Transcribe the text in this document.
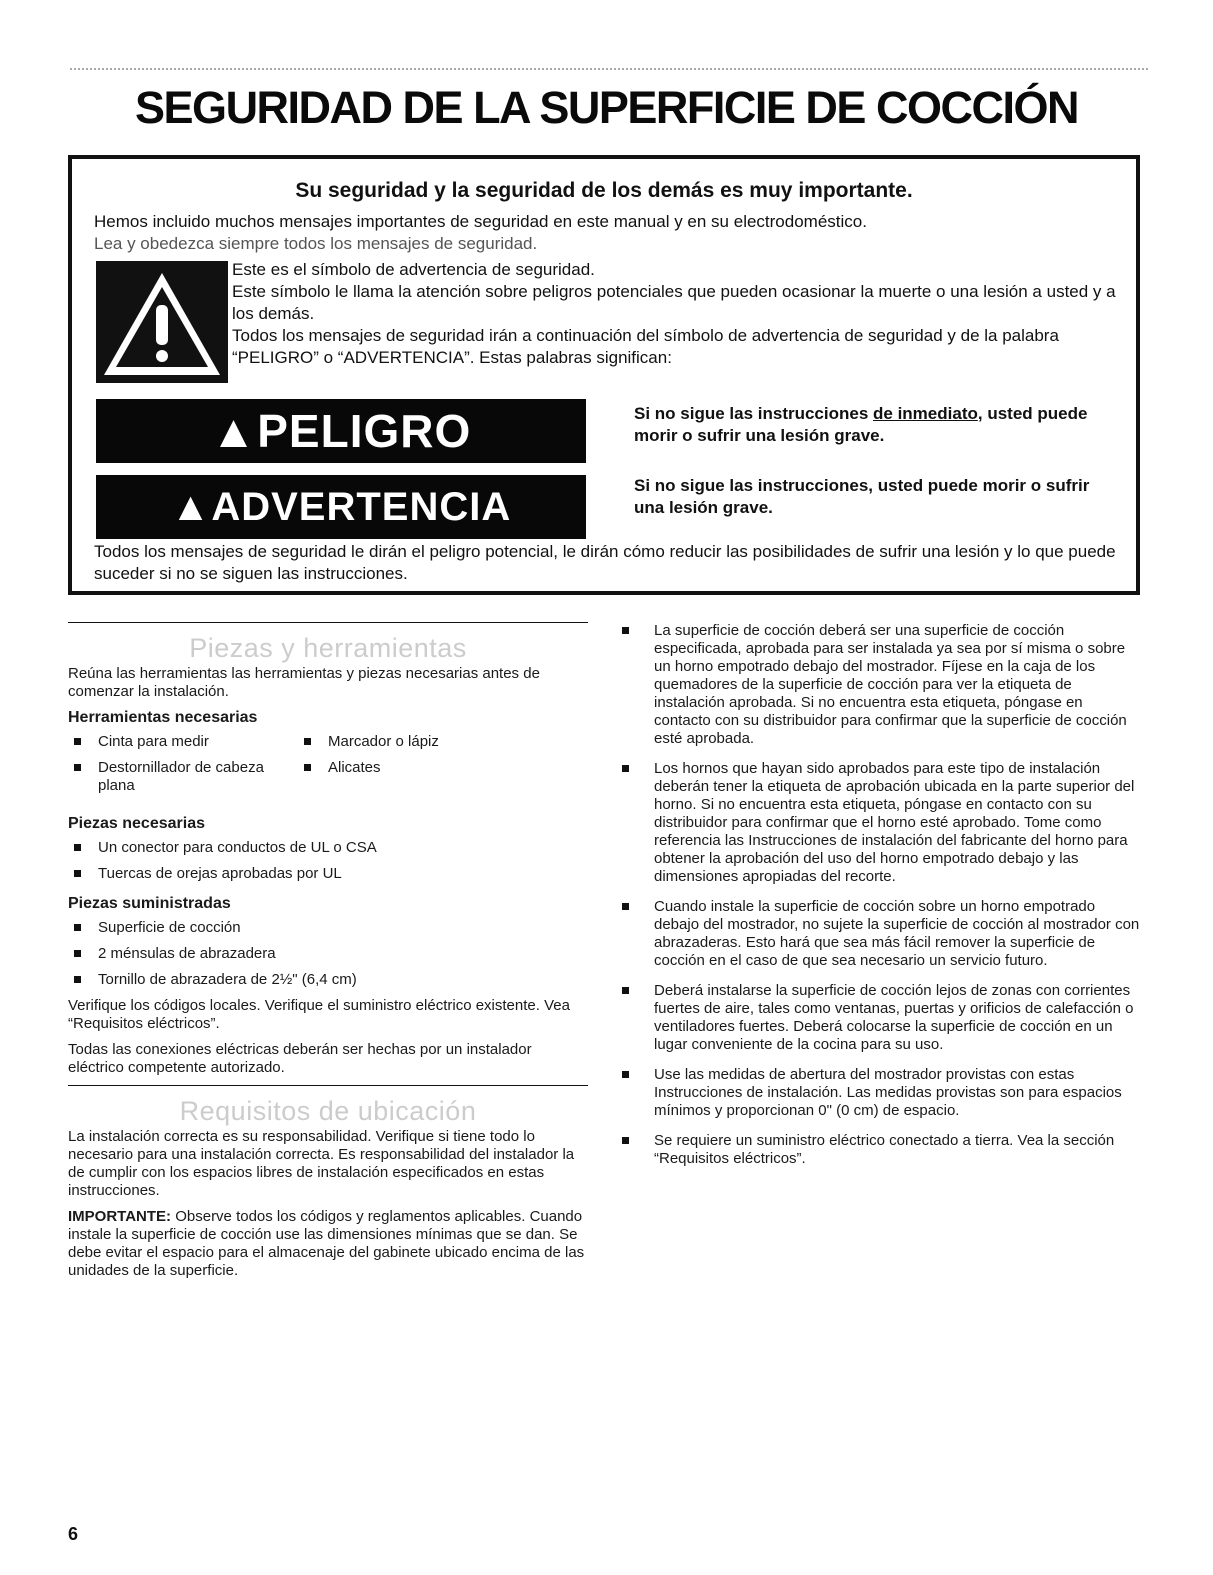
SEGURIDAD DE LA SUPERFICIE DE COCCIÓN
Su seguridad y la seguridad de los demás es muy importante.

Hemos incluido muchos mensajes importantes de seguridad en este manual y en su electrodoméstico.

Lea y obedezca siempre todos los mensajes de seguridad.

Este es el símbolo de advertencia de seguridad.

Este símbolo le llama la atención sobre peligros potenciales que pueden ocasionar la muerte o una lesión a usted y a los demás.

Todos los mensajes de seguridad irán a continuación del símbolo de advertencia de seguridad y de la palabra “PELIGRO” o “ADVERTENCIA”. Estas palabras significan:

▲PELIGRO	Si no sigue las instrucciones de inmediato, usted puede morir o sufrir una lesión grave.
▲ADVERTENCIA	Si no sigue las instrucciones, usted puede morir o sufrir una lesión grave.
Todos los mensajes de seguridad le dirán el peligro potencial, le dirán cómo reducir las posibilidades de sufrir una lesión y lo que puede suceder si no se siguen las instrucciones.
Piezas y herramientas

Reúna las herramientas las herramientas y piezas necesarias antes de comenzar la instalación.

Herramientas necesarias
Cinta para medir
Destornillador de cabeza plana
Marcador o lápiz
Alicates
Piezas necesarias
Un conector para conductos de UL o CSA
Tuercas de orejas aprobadas por UL
Piezas suministradas
Superficie de cocción
2 ménsulas de abrazadera
Tornillo de abrazadera de 2½" (6,4 cm)

Verifique los códigos locales. Verifique el suministro eléctrico existente. Vea “Requisitos eléctricos”.

Todas las conexiones eléctricas deberán ser hechas por un instalador eléctrico competente autorizado.

Requisitos de ubicación

La instalación correcta es su responsabilidad. Verifique si tiene todo lo necesario para una instalación correcta. Es responsabilidad del instalador la de cumplir con los espacios libres de instalación especificados en estas instrucciones.

IMPORTANTE: Observe todos los códigos y reglamentos aplicables. Cuando instale la superficie de cocción use las dimensiones mínimas que se dan. Se debe evitar el espacio para el almacenaje del gabinete ubicado encima de las unidades de la superficie.

La superficie de cocción deberá ser una superficie de cocción especificada, aprobada para ser instalada ya sea por sí misma o sobre un horno empotrado debajo del mostrador. Fíjese en la caja de los quemadores de la superficie de cocción para ver la etiqueta de instalación aprobada. Si no encuentra esta etiqueta, póngase en contacto con su distribuidor para confirmar que la superficie de cocción esté aprobada.
Los hornos que hayan sido aprobados para este tipo de instalación deberán tener la etiqueta de aprobación ubicada en la parte superior del horno. Si no encuentra esta etiqueta, póngase en contacto con su distribuidor para confirmar que el horno esté aprobado. Tome como referencia las Instrucciones de instalación del fabricante del horno para obtener la aprobación del uso del horno empotrado debajo y las dimensiones apropiadas del recorte.
Cuando instale la superficie de cocción sobre un horno empotrado debajo del mostrador, no sujete la superficie de cocción al mostrador con abrazaderas. Esto hará que sea más fácil remover la superficie de cocción en el caso de que sea necesario un servicio futuro.
Deberá instalarse la superficie de cocción lejos de zonas con corrientes fuertes de aire, tales como ventanas, puertas y orificios de calefacción o ventiladores fuertes. Deberá colocarse la superficie de cocción en un lugar conveniente de la cocina para su uso.
Use las medidas de abertura del mostrador provistas con estas Instrucciones de instalación. Las medidas provistas son para espacios mínimos y proporcionan 0" (0 cm) de espacio.
Se requiere un suministro eléctrico conectado a tierra. Vea la sección “Requisitos eléctricos”.
6
